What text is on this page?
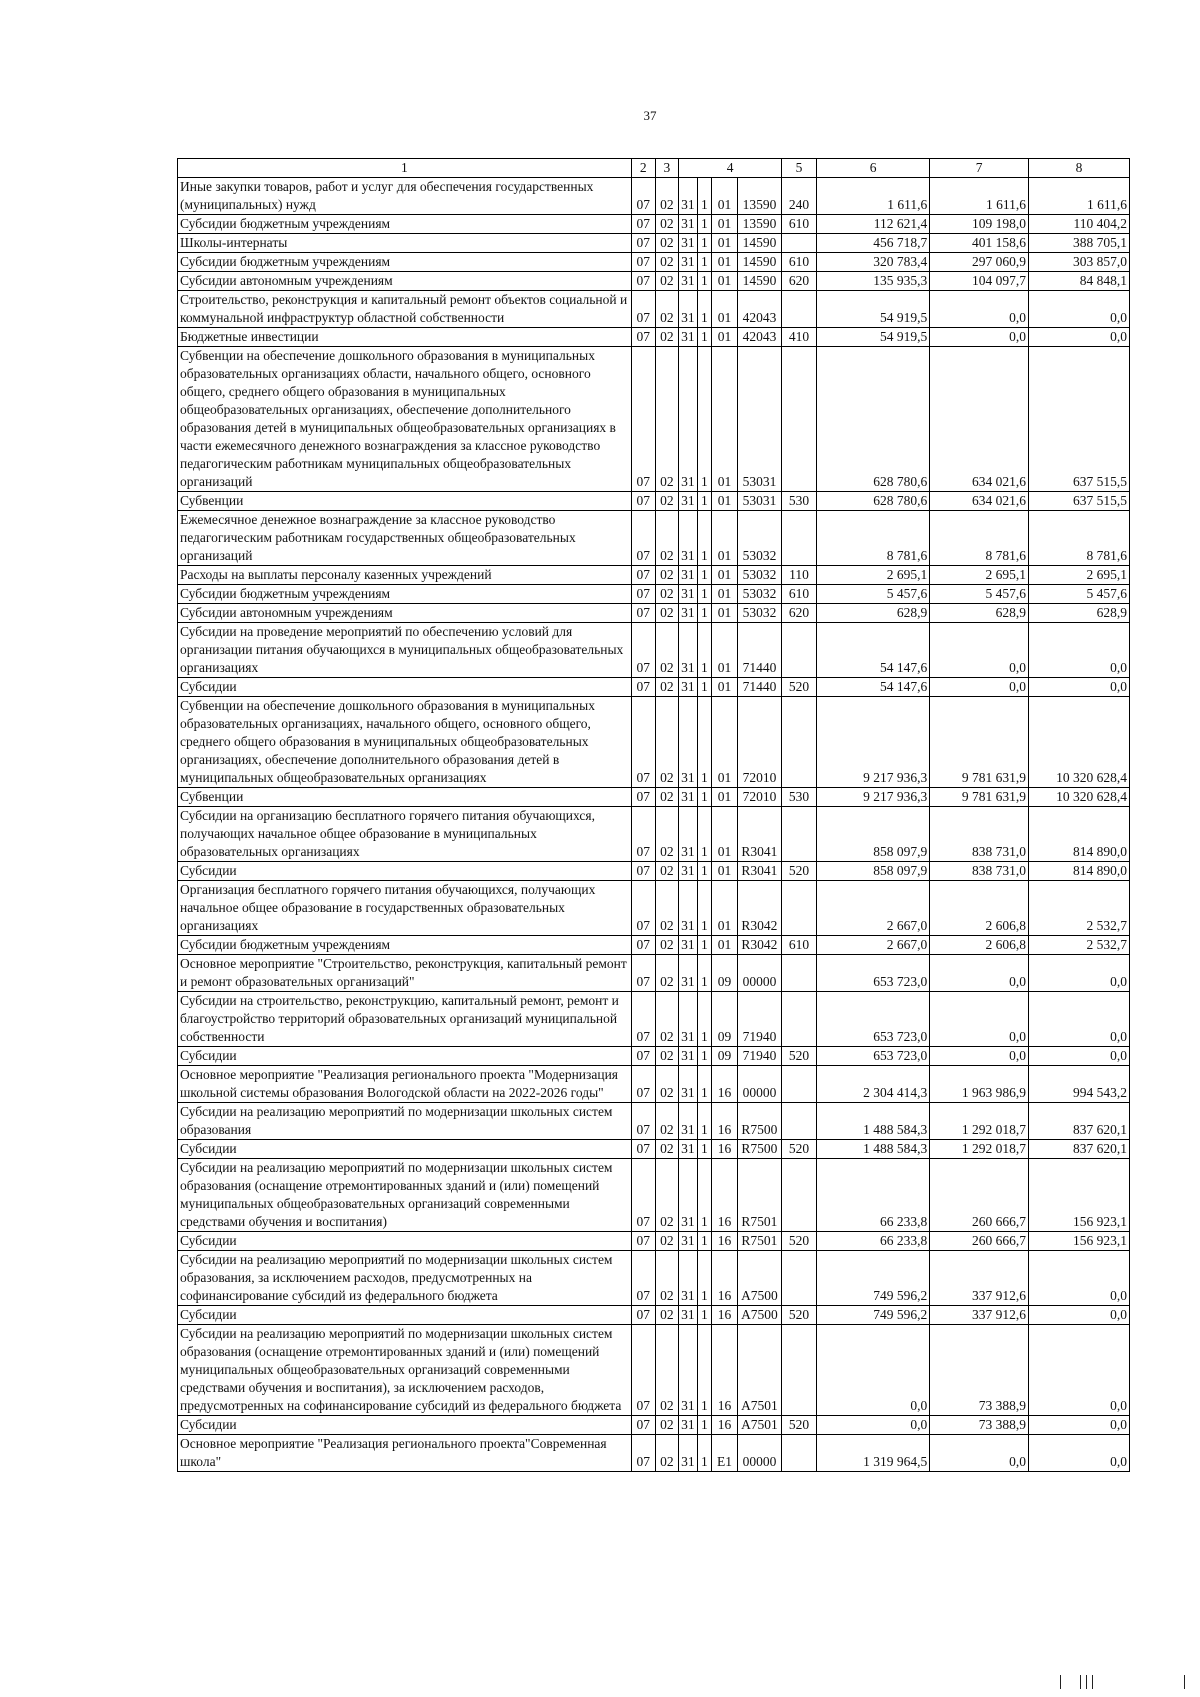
37
1	2	3	4				5	6	7	8
Иные закупки товаров, работ и услуг для обеспечения государственных (муниципальных) нужд	07	02	31	1	01	13590	240	1 611,6	1 611,6	1 611,6
Субсидии бюджетным учреждениям	07	02	31	1	01	13590	610	112 621,4	109 198,0	110 404,2
Школы-интернаты	07	02	31	1	01	14590		456 718,7	401 158,6	388 705,1
Субсидии бюджетным учреждениям	07	02	31	1	01	14590	610	320 783,4	297 060,9	303 857,0
Субсидии автономным учреждениям	07	02	31	1	01	14590	620	135 935,3	104 097,7	84 848,1
Строительство, реконструкция и капитальный ремонт объектов социальной и коммунальной инфраструктур областной собственности	07	02	31	1	01	42043		54 919,5	0,0	0,0
Бюджетные инвестиции	07	02	31	1	01	42043	410	54 919,5	0,0	0,0
Субвенции на обеспечение дошкольного образования в муниципальных образовательных организациях области, начального общего, основного общего, среднего общего образования в муниципальных общеобразовательных организациях, обеспечение дополнительного образования детей в муниципальных общеобразовательных организациях в части ежемесячного денежного вознаграждения за классное руководство педагогическим работникам муниципальных общеобразовательных организаций	07	02	31	1	01	53031		628 780,6	634 021,6	637 515,5
Субвенции	07	02	31	1	01	53031	530	628 780,6	634 021,6	637 515,5
Ежемесячное денежное вознаграждение за классное руководство педагогическим работникам государственных общеобразовательных организаций	07	02	31	1	01	53032		8 781,6	8 781,6	8 781,6
Расходы на выплаты персоналу казенных учреждений	07	02	31	1	01	53032	110	2 695,1	2 695,1	2 695,1
Субсидии бюджетным учреждениям	07	02	31	1	01	53032	610	5 457,6	5 457,6	5 457,6
Субсидии автономным учреждениям	07	02	31	1	01	53032	620	628,9	628,9	628,9
Субсидии на проведение мероприятий по обеспечению условий для организации питания обучающихся в муниципальных общеобразовательных организациях	07	02	31	1	01	71440		54 147,6	0,0	0,0
Субсидии	07	02	31	1	01	71440	520	54 147,6	0,0	0,0
Субвенции на обеспечение дошкольного образования в муниципальных образовательных организациях, начального общего, основного общего, среднего общего образования в муниципальных общеобразовательных организациях, обеспечение дополнительного образования детей в муниципальных общеобразовательных организациях	07	02	31	1	01	72010		9 217 936,3	9 781 631,9	10 320 628,4
Субвенции	07	02	31	1	01	72010	530	9 217 936,3	9 781 631,9	10 320 628,4
Субсидии на организацию бесплатного горячего питания обучающихся, получающих начальное общее образование в муниципальных образовательных организациях	07	02	31	1	01	R3041		858 097,9	838 731,0	814 890,0
Субсидии	07	02	31	1	01	R3041	520	858 097,9	838 731,0	814 890,0
Организация бесплатного горячего питания обучающихся, получающих начальное общее образование в государственных образовательных организациях	07	02	31	1	01	R3042		2 667,0	2 606,8	2 532,7
Субсидии бюджетным учреждениям	07	02	31	1	01	R3042	610	2 667,0	2 606,8	2 532,7
Основное мероприятие "Строительство, реконструкция, капитальный ремонт и ремонт образовательных организаций"	07	02	31	1	09	00000		653 723,0	0,0	0,0
Субсидии на строительство, реконструкцию, капитальный ремонт, ремонт и благоустройство территорий образовательных организаций муниципальной собственности	07	02	31	1	09	71940		653 723,0	0,0	0,0
Субсидии	07	02	31	1	09	71940	520	653 723,0	0,0	0,0
Основное мероприятие "Реализация регионального проекта "Модернизация школьной системы образования Вологодской области на 2022-2026 годы"	07	02	31	1	16	00000		2 304 414,3	1 963 986,9	994 543,2
Субсидии на реализацию мероприятий по модернизации школьных систем образования	07	02	31	1	16	R7500		1 488 584,3	1 292 018,7	837 620,1
Субсидии	07	02	31	1	16	R7500	520	1 488 584,3	1 292 018,7	837 620,1
Субсидии на реализацию мероприятий по модернизации школьных систем образования (оснащение отремонтированных зданий и (или) помещений муниципальных общеобразовательных организаций современными средствами обучения и воспитания)	07	02	31	1	16	R7501		66 233,8	260 666,7	156 923,1
Субсидии	07	02	31	1	16	R7501	520	66 233,8	260 666,7	156 923,1
Субсидии на реализацию мероприятий по модернизации школьных систем образования, за исключением расходов, предусмотренных на софинансирование субсидий из федерального бюджета	07	02	31	1	16	A7500		749 596,2	337 912,6	0,0
Субсидии	07	02	31	1	16	A7500	520	749 596,2	337 912,6	0,0
Субсидии на реализацию мероприятий по модернизации школьных систем образования (оснащение отремонтированных зданий и (или) помещений муниципальных общеобразовательных организаций современными средствами обучения и воспитания), за исключением расходов, предусмотренных на софинансирование субсидий из федерального бюджета	07	02	31	1	16	A7501		0,0	73 388,9	0,0
Субсидии	07	02	31	1	16	A7501	520	0,0	73 388,9	0,0
Основное мероприятие "Реализация регионального проекта"Современная школа"	07	02	31	1	E1	00000		1 319 964,5	0,0	0,0
